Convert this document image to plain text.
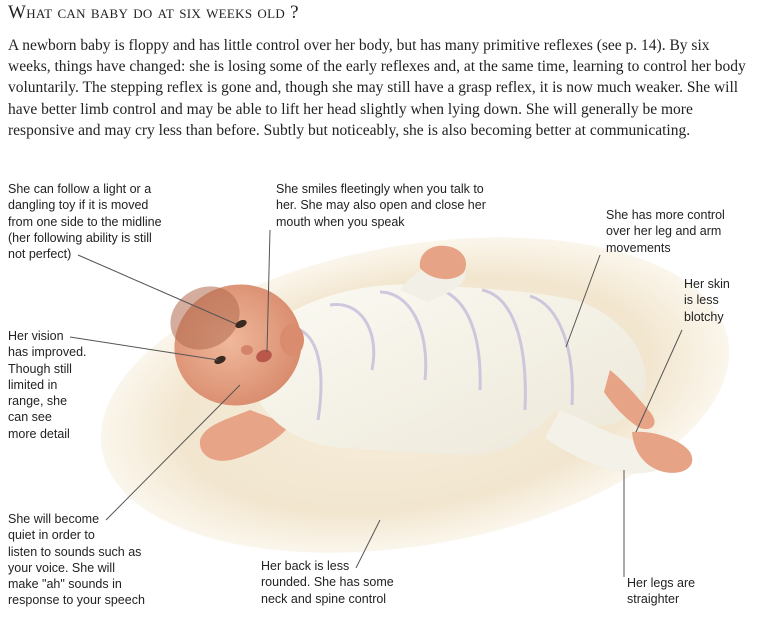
What can baby do at six weeks old ?
A newborn baby is floppy and has little control over her body, but has many primitive reflexes (see p. 14). By six weeks, things have changed: she is losing some of the early reflexes and, at the same time, learning to control her body voluntarily. The stepping reflex is gone and, though she may still have a grasp reflex, it is now much weaker. She will have better limb control and may be able to lift her head slightly when lying down. She will generally be more responsive and may cry less than before. Subtly but noticeably, she is also becoming better at communicating.
She can follow a light or a
dangling toy if it is moved
from one side to the midline
(her following ability is still
not perfect)
She smiles fleetingly when you talk to
her. She may also open and close her
mouth when you speak	She has more control
over her leg and arm
movements
Her skin
is less
blotchy
Her vision
has improved.
Though still
limited in
range, she
can see
more detail
She will become
quiet in order to
listen to sounds such as
your voice. She will
make "ah" sounds in
response to your speech
Her back is less
rounded. She has some
neck and spine control
Her legs are
straighter
